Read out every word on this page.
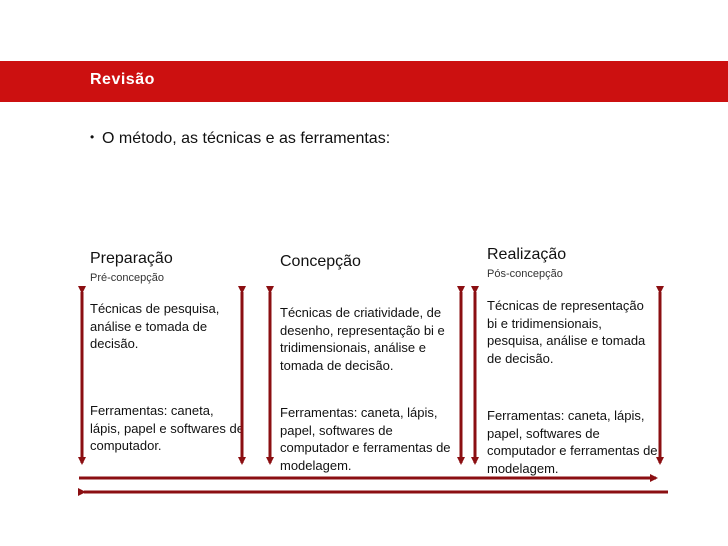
Revisão
• O método, as técnicas e as ferramentas:
Preparação
Pré-concepção
Técnicas de pesquisa, análise e tomada de decisão.
Ferramentas: caneta, lápis, papel e softwares de computador.
Concepção
Técnicas de criatividade, de desenho, representação bi e tridimensionais, análise e tomada de decisão.
Ferramentas: caneta, lápis, papel, softwares de computador e ferramentas de modelagem.
Realização
Pós-concepção
Técnicas de representação bi e tridimensionais, pesquisa, análise e tomada de decisão.
Ferramentas: caneta, lápis, papel, softwares de computador e ferramentas de modelagem.
